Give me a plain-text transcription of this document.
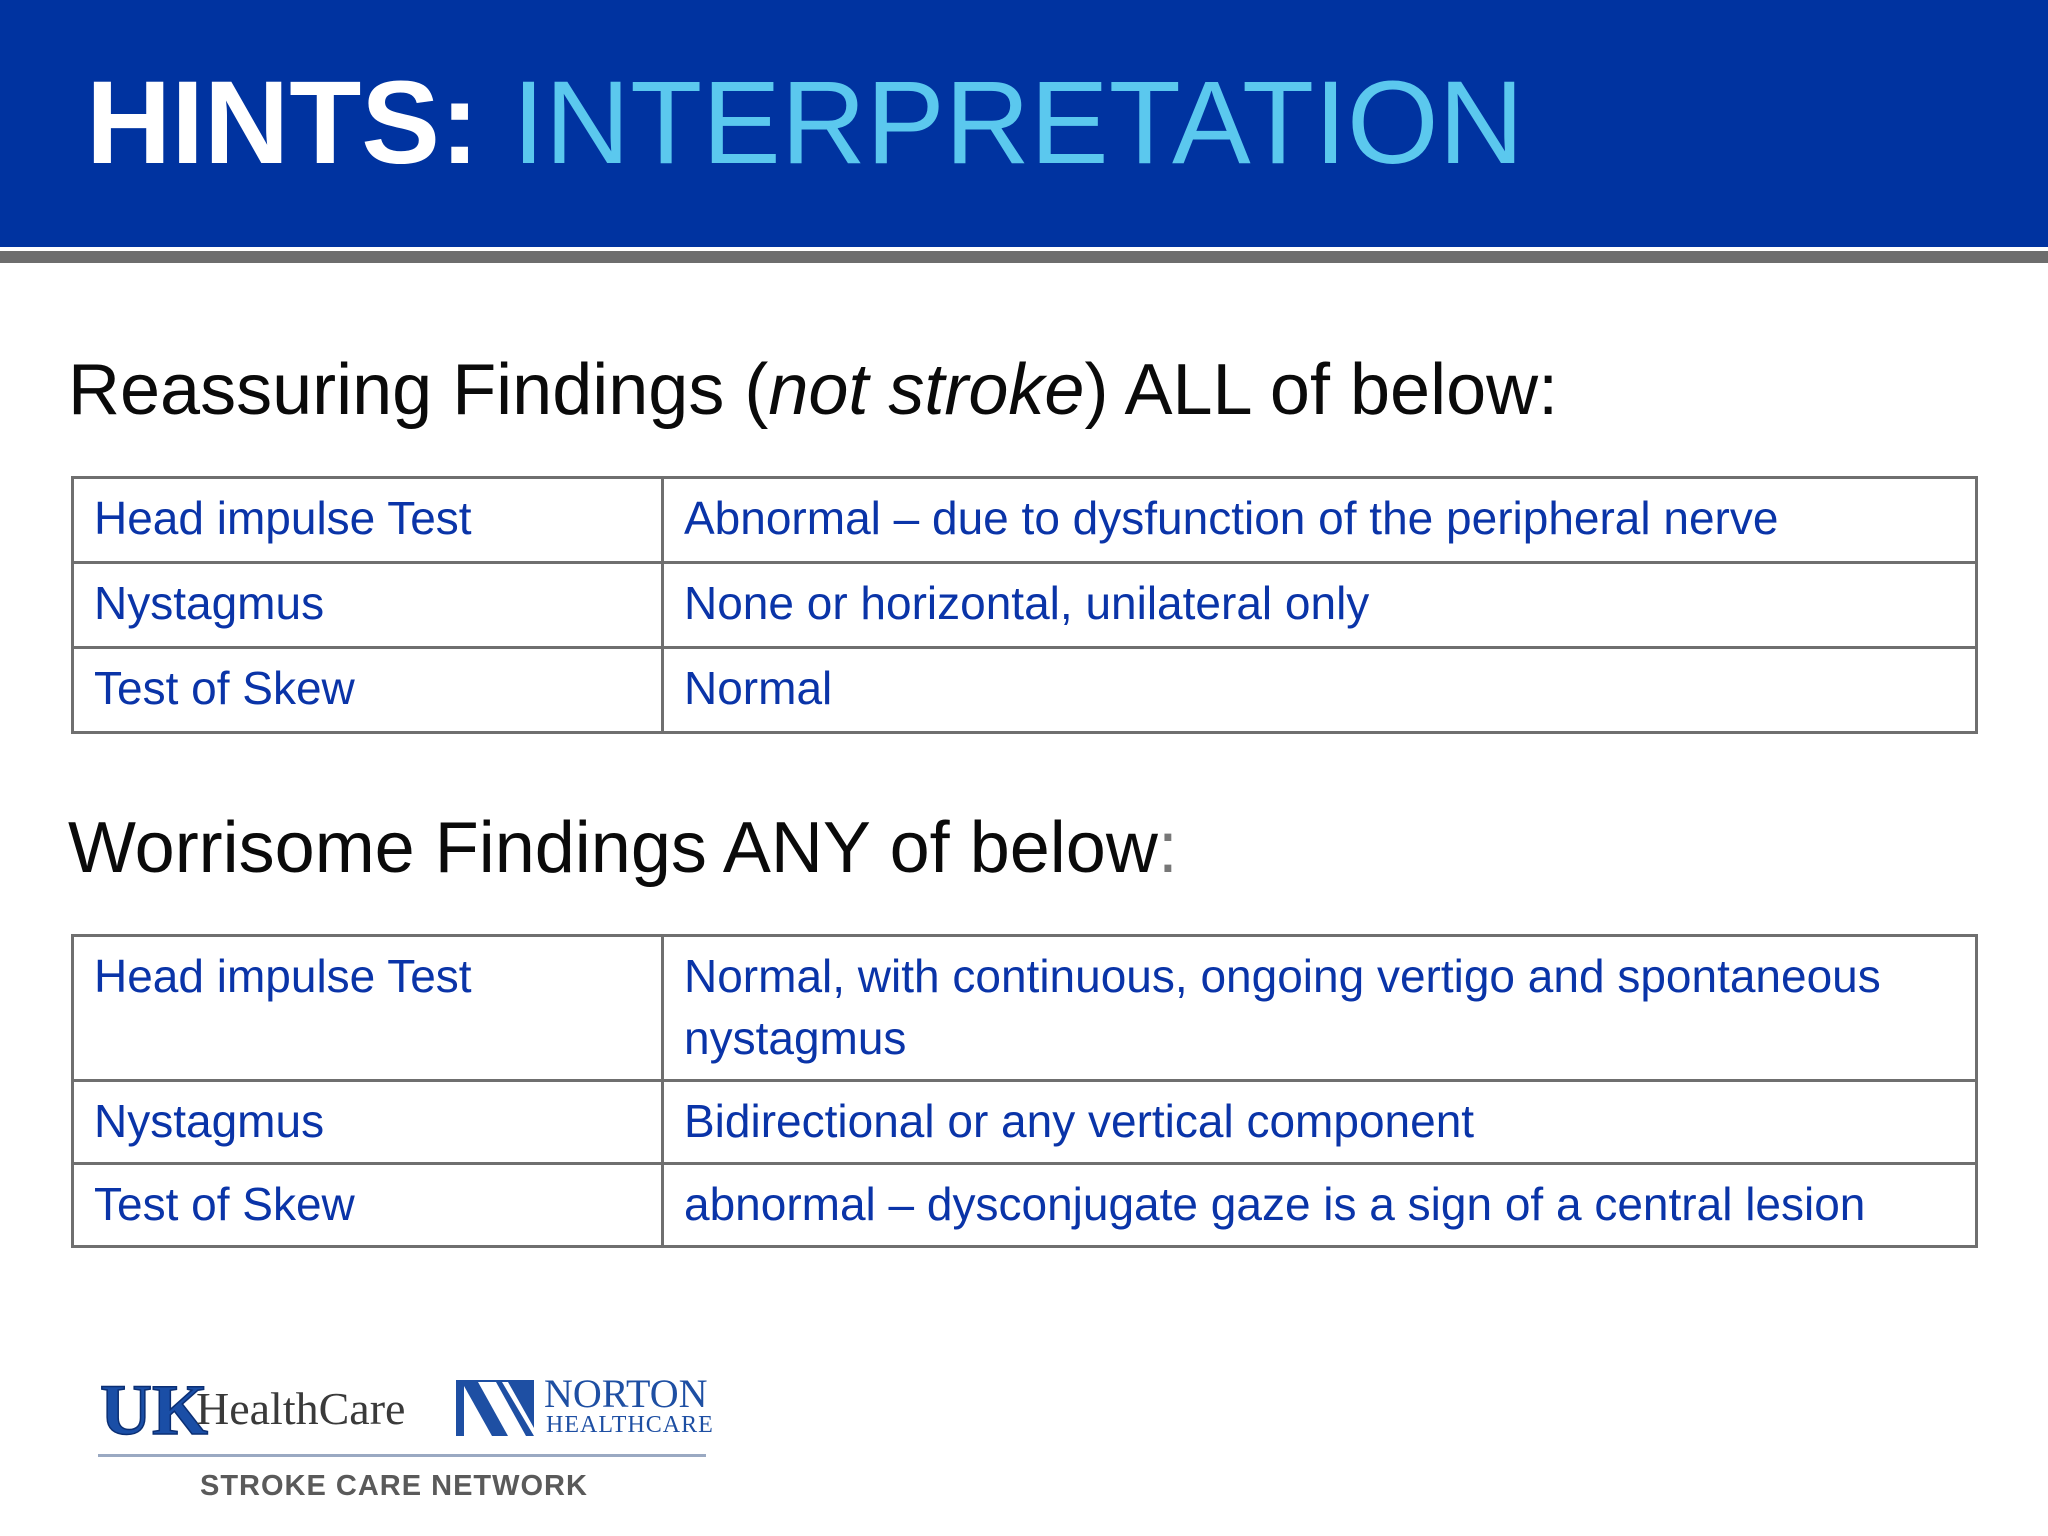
HINTS: INTERPRETATION
Reassuring Findings (not stroke) ALL of below:
Head impulse Test	Abnormal – due to dysfunction of the peripheral nerve
Nystagmus	None or horizontal, unilateral only
Test of Skew	Normal
Worrisome Findings ANY of below:
Head impulse Test	Normal, with continuous, ongoing vertigo and spontaneous nystagmus
Nystagmus	Bidirectional or any vertical component
Test of Skew	abnormal – dysconjugate gaze is a sign of a central lesion
UK
HealthCare	NORTON
HEALTHCARE
STROKE CARE NETWORK
